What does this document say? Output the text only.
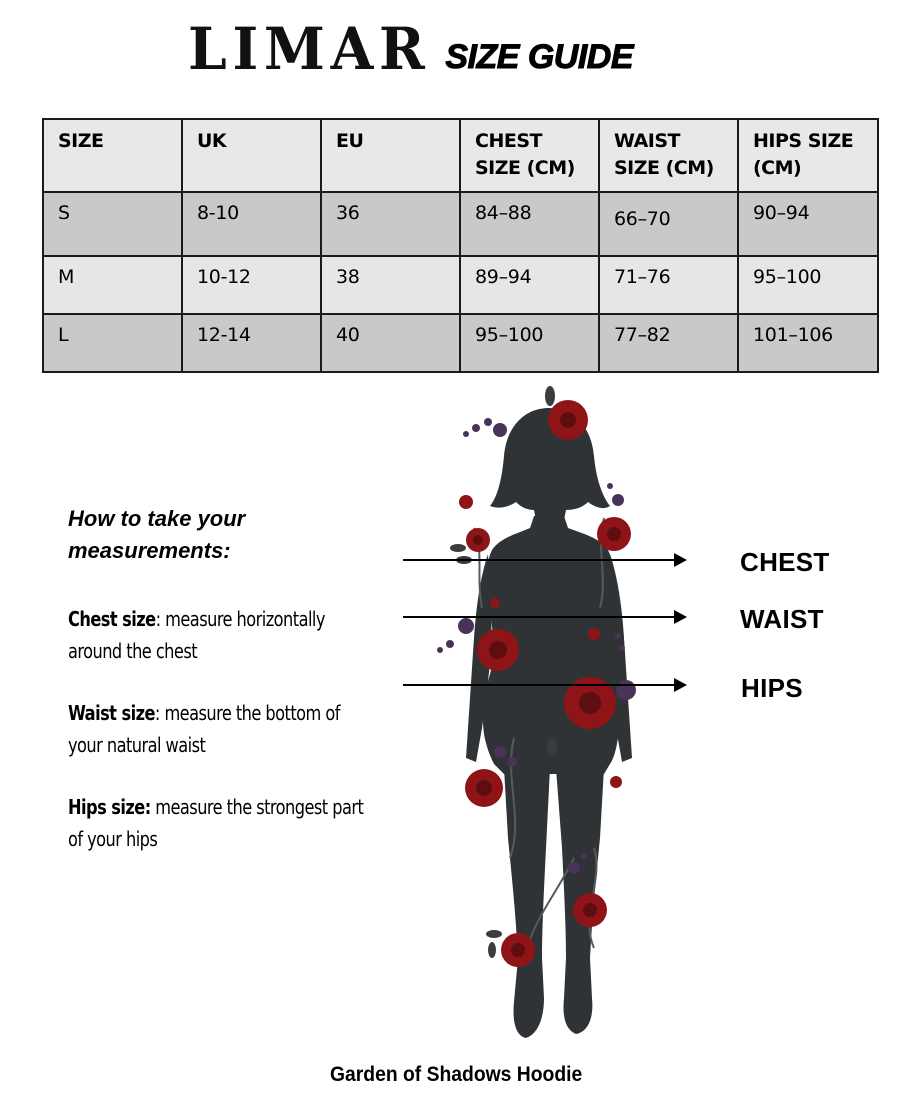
LIMAR SIZE GUIDE
SIZE	UK	EU	CHEST SIZE (CM)	WAIST SIZE (CM)	HIPS SIZE (CM)
S	8-10	36	84–88	66–70	90–94
M	10-12	38	89–94	71–76	95–100
L	12-14	40	95–100	77–82	101–106

How to take your measurements:

Chest size: measure horizontally around the chest

Waist size: measure the bottom of your natural waist

Hips size: measure the strongest part of your hips

CHEST
WAIST
HIPS
Garden of Shadows Hoodie
